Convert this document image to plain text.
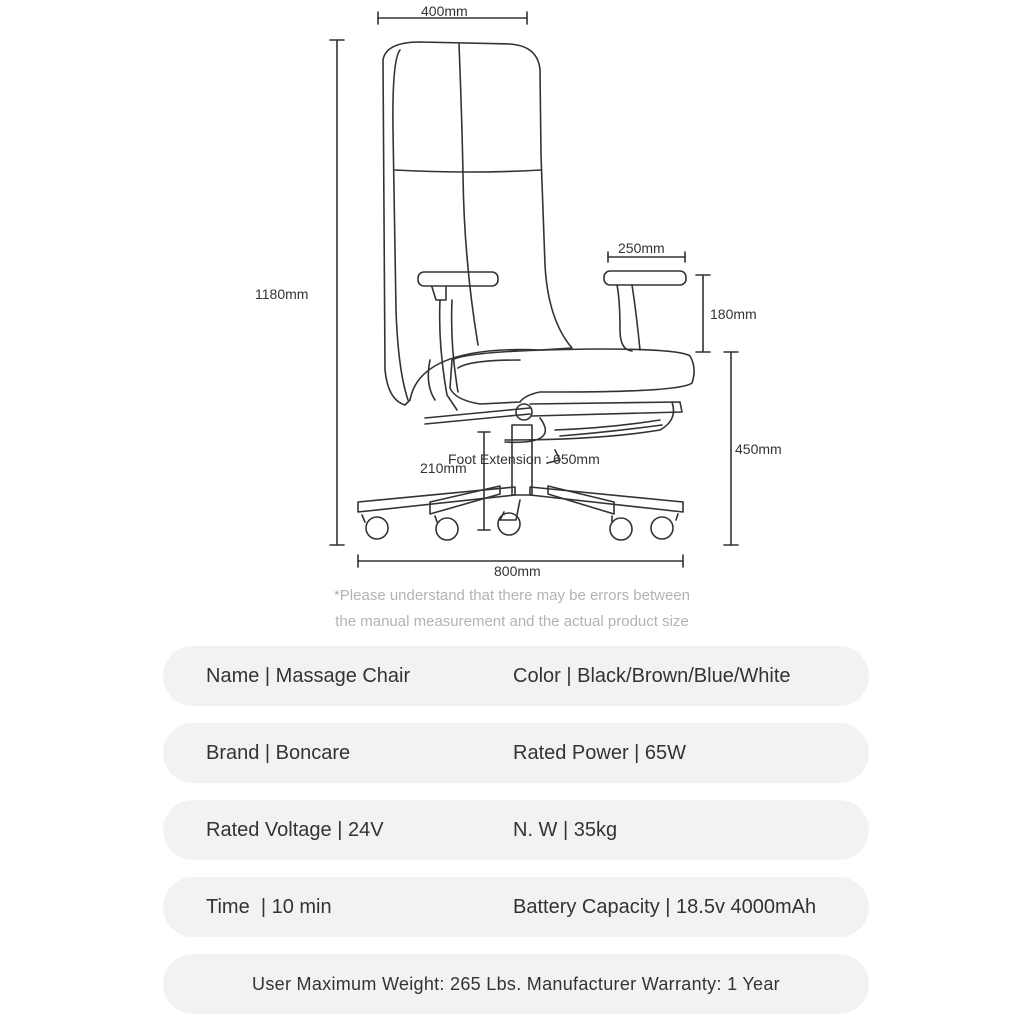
400mm
1180mm
250mm
180mm
450mm
Foot Extension : 650mm
210mm
800mm
*Please understand that there may be errors between
the manual measurement and the actual product size
Name | Massage Chair	Color | Black/Brown/Blue/White
Brand | Boncare	Rated Power | 65W
Rated Voltage | 24V	N. W | 35kg
Time  | 10 min	Battery Capacity | 18.5v 4000mAh
User Maximum Weight: 265 Lbs. Manufacturer Warranty: 1 Year
